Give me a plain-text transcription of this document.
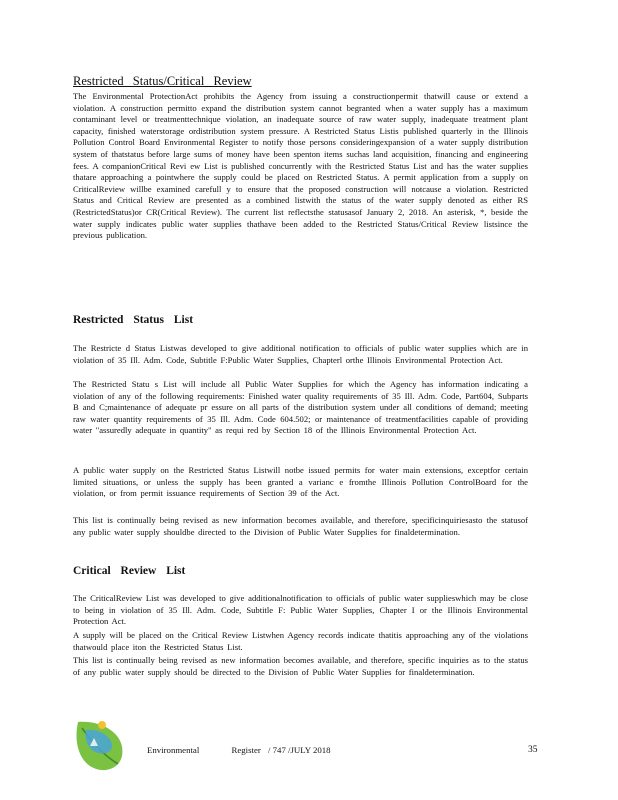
Restricted Status/Critical Review

The Environmental ProtectionAct prohibits the Agency from issuing a constructionpermit thatwill cause or extend a violation. A construction permitto expand the distribution system cannot begranted when a water supply has a maximum contaminant level or treatmenttechnique violation, an inadequate source of raw water supply, inadequate treatment plant capacity, finished waterstorage ordistribution system pressure. A Restricted Status Listis published quarterly in the Illinois Pollution Control Board Environmental Register to notify those persons consideringexpansion of a water supply distribution system of thatstatus before large sums of money have been spenton items suchas land acquisition, financing and engineering fees. A companionCritical Revi ew List is published concurrently with the Restricted Status List and has the water supplies thatare approaching a pointwhere the supply could be placed on Restricted Status. A permit application from a supply on CriticalReview willbe examined carefull y to ensure that the proposed construction will notcause a violation. Restricted Status and Critical Review are presented as a combined listwith the status of the water supply denoted as either RS (RestrictedStatus)or CR(Critical Review). The current list reflectsthe statusasof January 2, 2018. An asterisk, *, beside the water supply indicates public water supplies thathave been added to the Restricted Status/Critical Review listsince the previous publication.

Restricted Status List

The Restricte d Status Listwas developed to give additional notification to officials of public water supplies which are in violation of 35 Ill. Adm. Code, Subtitle F:Public Water Supplies, Chapterl orthe Illinois Environmental Protection Act.

The Restricted Statu s List will include all Public Water Supplies for which the Agency has information indicating a violation of any of the following requirements: Finished water quality requirements of 35 Ill. Adm. Code, Part604, Subparts B and C;maintenance of adequate pr essure on all parts of the distribution system under all conditions of demand; meeting raw water quantity requirements of 35 Ill. Adm. Code 604.502; or maintenance of treatmentfacilities capable of providing water "assuredly adequate in quantity" as requi red by Section 18 of the Illinois Environmental Protection Act.

A public water supply on the Restricted Status Listwill notbe issued permits for water main extensions, exceptfor certain limited situations, or unless the supply has been granted a varianc e fromthe Illinois Pollution ControlBoard for the violation, or from permit issuance requirements of Section 39 of the Act.

This list is continually being revised as new information becomes available, and therefore, specificinquiriesasto the statusof any public water supply shouldbe directed to the Division of Public Water Supplies for finaldetermination.

Critical Review List

The CriticalReview List was developed to give additionalnotification to officials of public water supplieswhich may be close to being in violation of 35 Ill. Adm. Code, Subtitle F: Public Water Supplies, Chapter I or the Illinois Environmental Protection Act.

A supply will be placed on the Critical Review Listwhen Agency records indicate thatitis approaching any of the violations thatwould place iton the Restricted Status List.

This list is continually being revised as new information becomes available, and therefore, specific inquiries as to the status of any public water supply should be directed to the Division of Public Water Supplies for finaldetermination.

Environmental Register / 747 /JULY 2018	35
